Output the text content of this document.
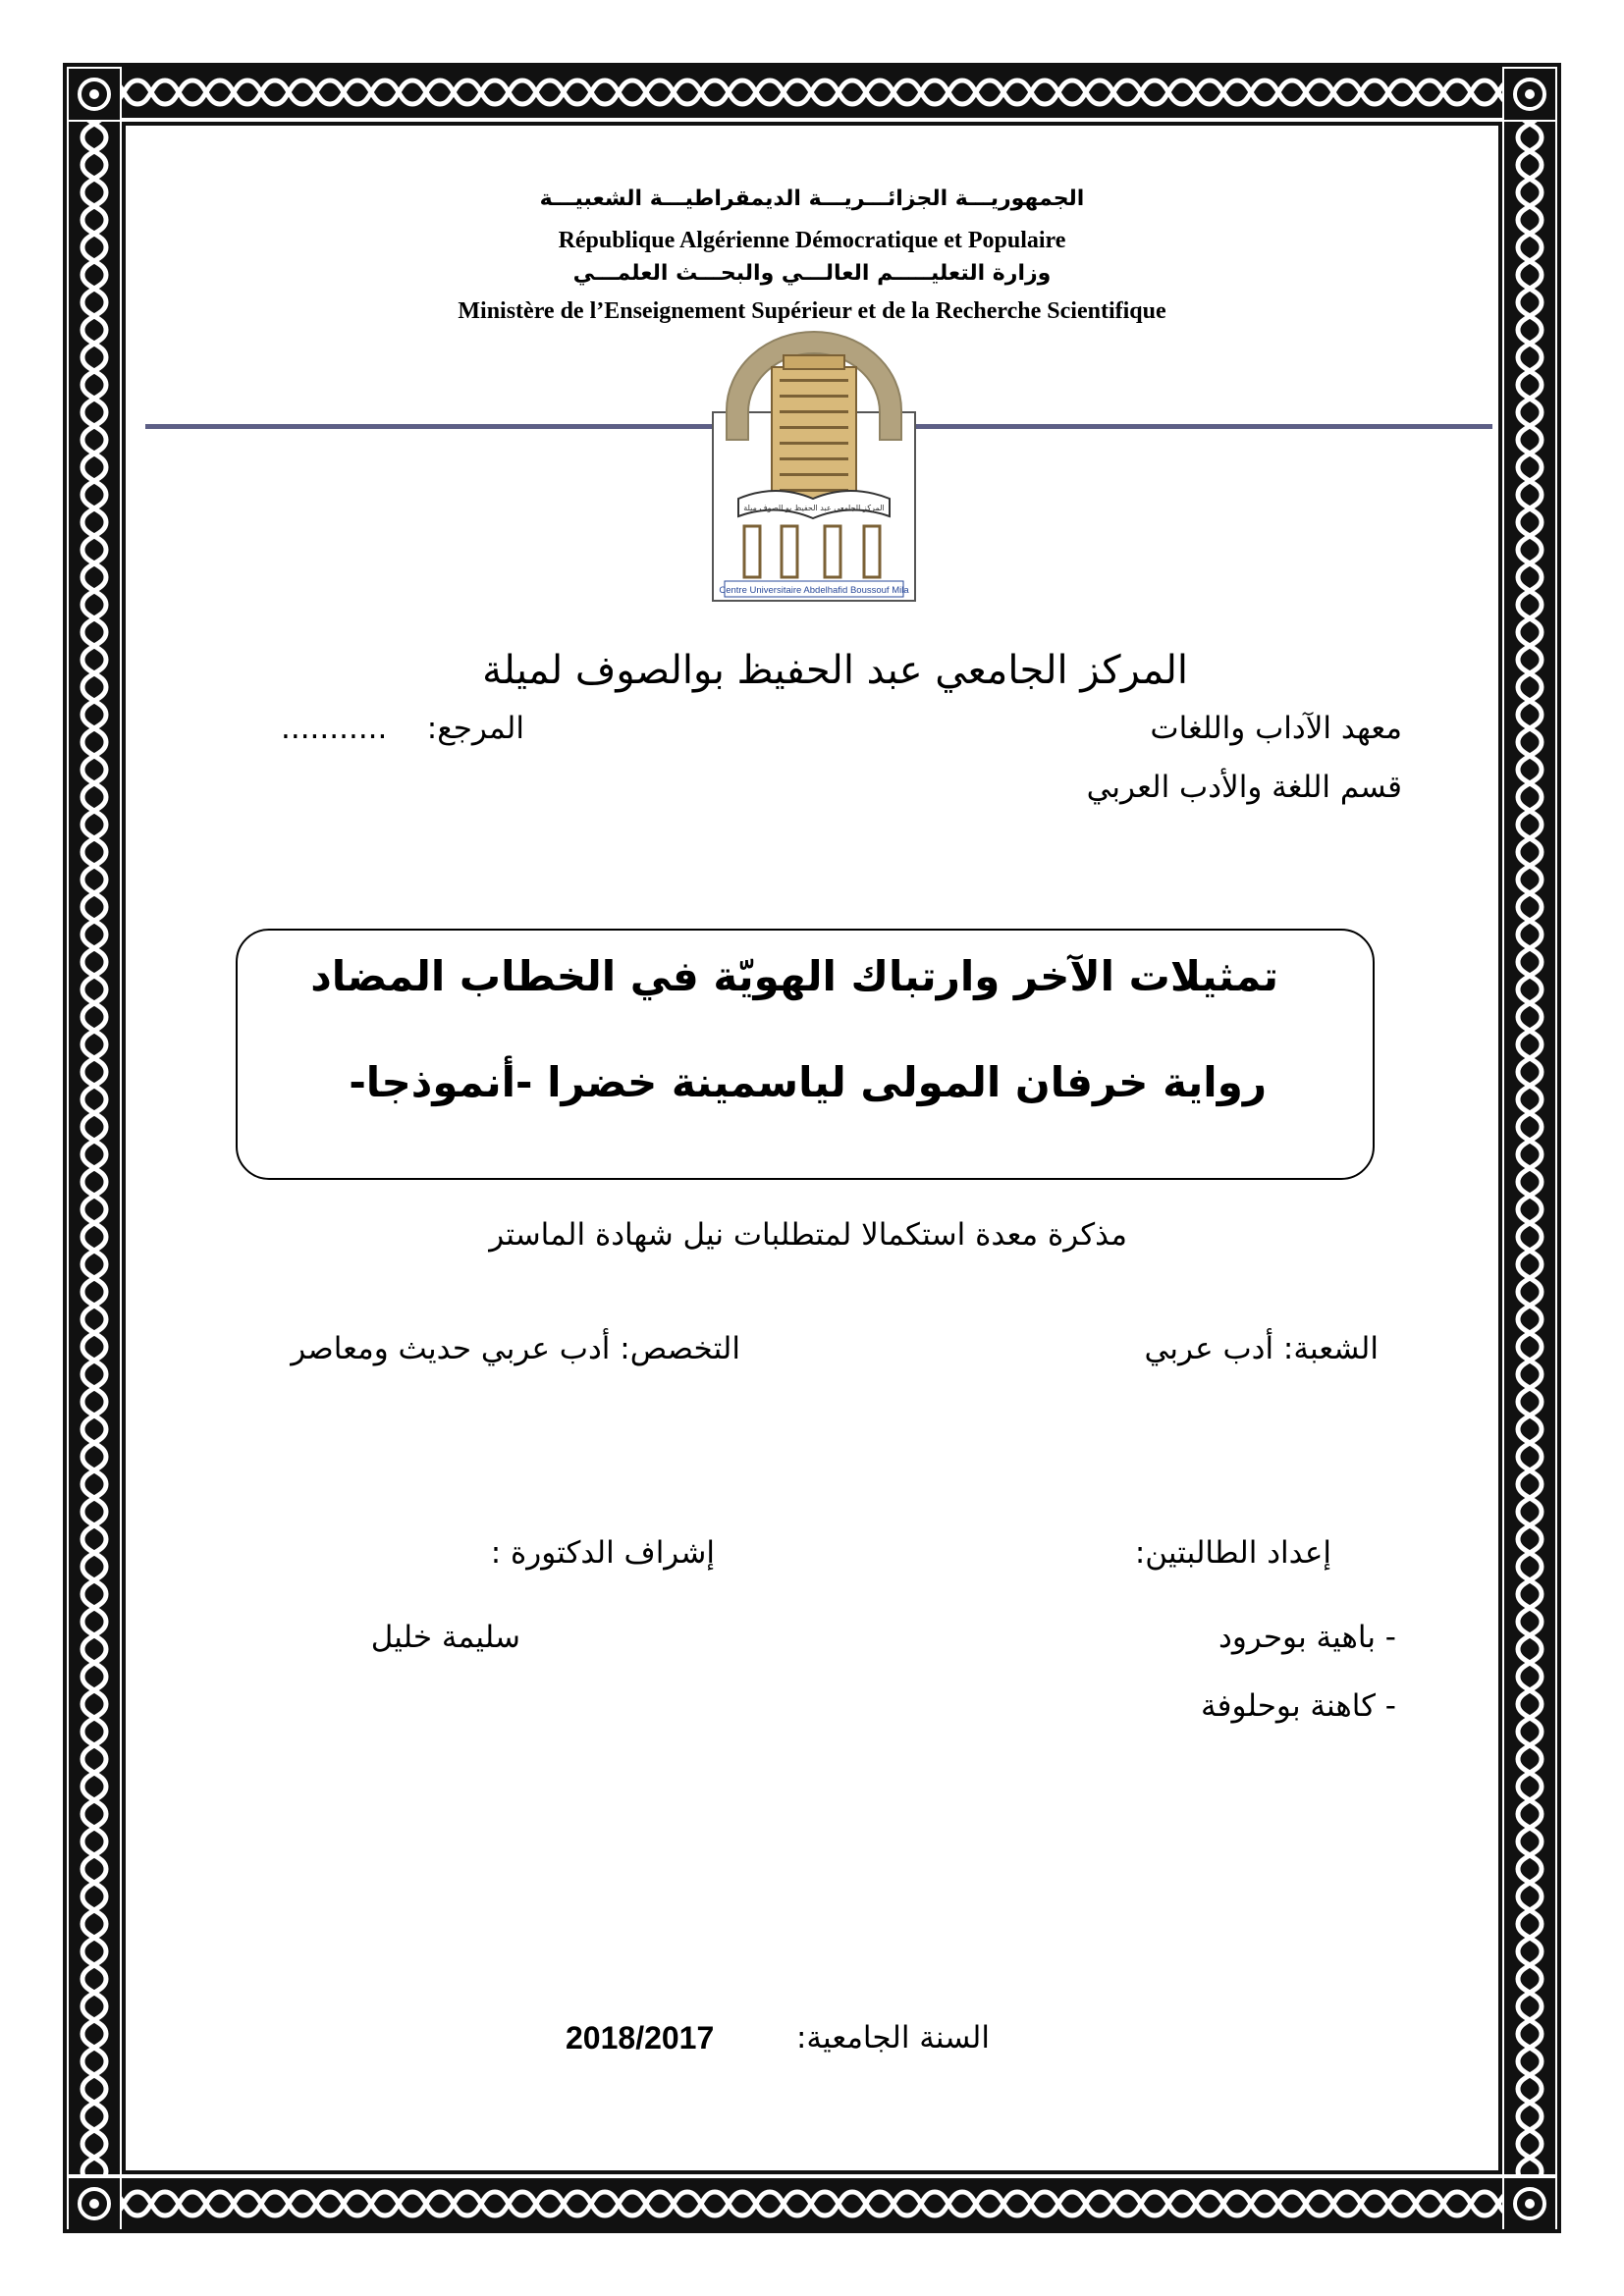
الجمهوريـــة الجزائـــريـــة الديمقراطيـــة الشعبيـــة
République Algérienne Démocratique et Populaire
وزارة التعليـــــم العالـــي والبحـــث العلمـــي
Ministère de l’Enseignement Supérieur et de la Recherche Scientifique
المركز الجامعي عبد الحفيظ بو الصوف ميلة
Centre Universitaire Abdelhafid Boussouf Mila
المركز الجامعي عبد الحفيظ بوالصوف لميلة
معهد الآداب واللغات
المرجع:
...........
قسم اللغة والأدب العربي
تمثيلات الآخر وارتباك الهويّة في الخطاب المضاد
رواية خرفان المولى لياسمينة خضرا -أنموذجا-
مذكرة معدة استكمالا لمتطلبات نيل شهادة الماستر
الشعبة: أدب عربي
التخصص: أدب عربي حديث ومعاصر
إعداد الطالبتين:
- باهية بوحرود
- كاهنة بوحلوفة
إشراف الدكتورة :
سليمة خليل
السنة الجامعية:
2018/2017
